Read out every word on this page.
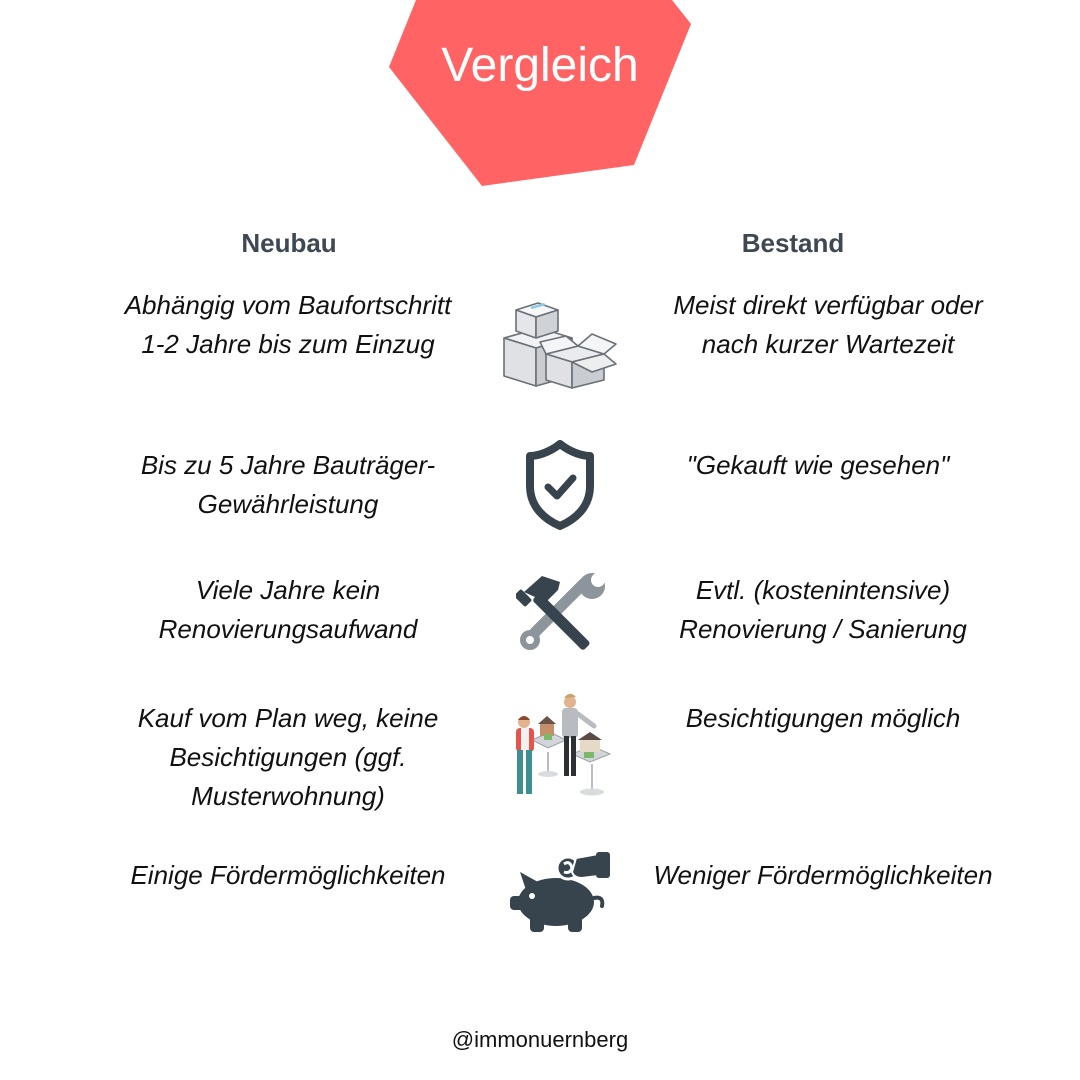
Vergleich
Neubau	Bestand
Abhängig vom Baufortschritt 1-2 Jahre bis zum Einzug
Meist direkt verfügbar oder nach kurzer Wartezeit
Bis zu 5 Jahre Bauträger-Gewährleistung
"Gekauft wie gesehen"
Viele Jahre kein Renovierungsaufwand
Evtl. (kostenintensive) Renovierung / Sanierung
Kauf vom Plan weg, keine Besichtigungen (ggf. Musterwohnung)
Besichtigungen möglich
Einige Fördermöglichkeiten	Weniger Fördermöglichkeiten
@immonuernberg
